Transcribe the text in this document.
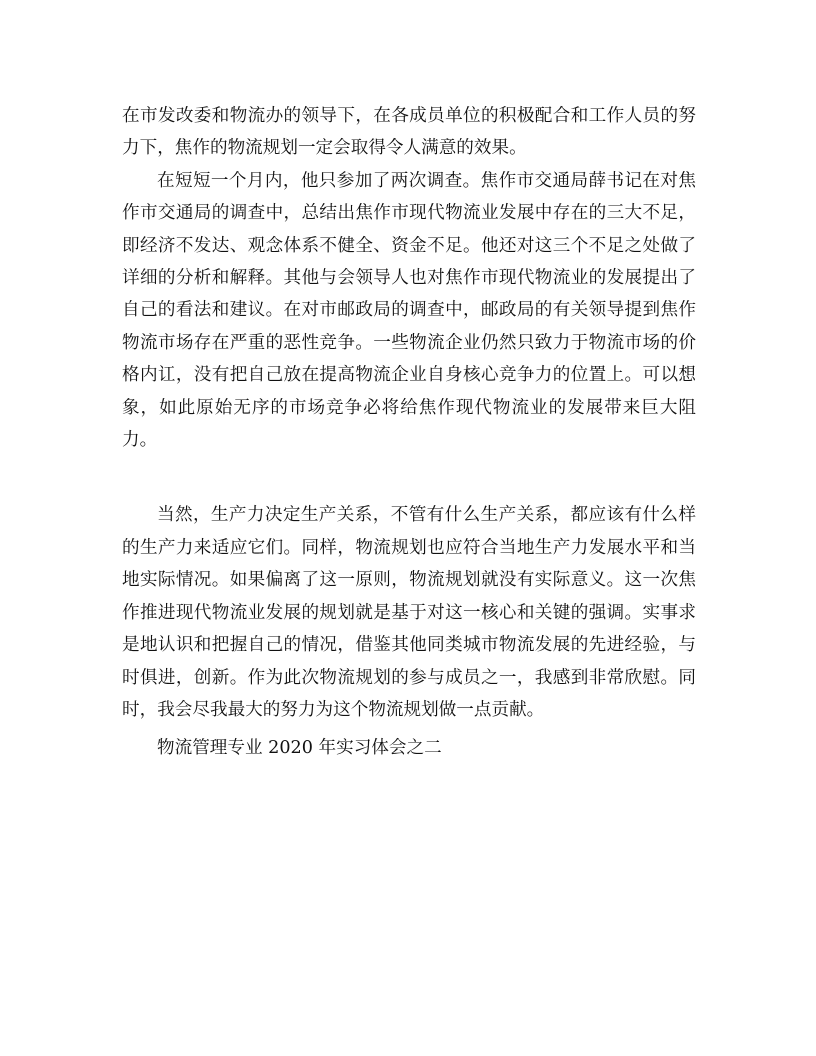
在市发改委和物流办的领导下，在各成员单位的积极配合和工作人员的努力下，焦作的物流规划一定会取得令人满意的效果。

在短短一个月内，他只参加了两次调查。焦作市交通局薛书记在对焦作市交通局的调查中，总结出焦作市现代物流业发展中存在的三大不足，即经济不发达、观念体系不健全、资金不足。他还对这三个不足之处做了详细的分析和解释。其他与会领导人也对焦作市现代物流业的发展提出了自己的看法和建议。在对市邮政局的调查中，邮政局的有关领导提到焦作物流市场存在严重的恶性竞争。一些物流企业仍然只致力于物流市场的价格内讧，没有把自己放在提高物流企业自身核心竞争力的位置上。可以想象，如此原始无序的市场竞争必将给焦作现代物流业的发展带来巨大阻力。

当然，生产力决定生产关系，不管有什么生产关系，都应该有什么样的生产力来适应它们。同样，物流规划也应符合当地生产力发展水平和当地实际情况。如果偏离了这一原则，物流规划就没有实际意义。这一次焦作推进现代物流业发展的规划就是基于对这一核心和关键的强调。实事求是地认识和把握自己的情况，借鉴其他同类城市物流发展的先进经验，与时俱进，创新。作为此次物流规划的参与成员之一，我感到非常欣慰。同时，我会尽我最大的努力为这个物流规划做一点贡献。

物流管理专业 2020 年实习体会之二
